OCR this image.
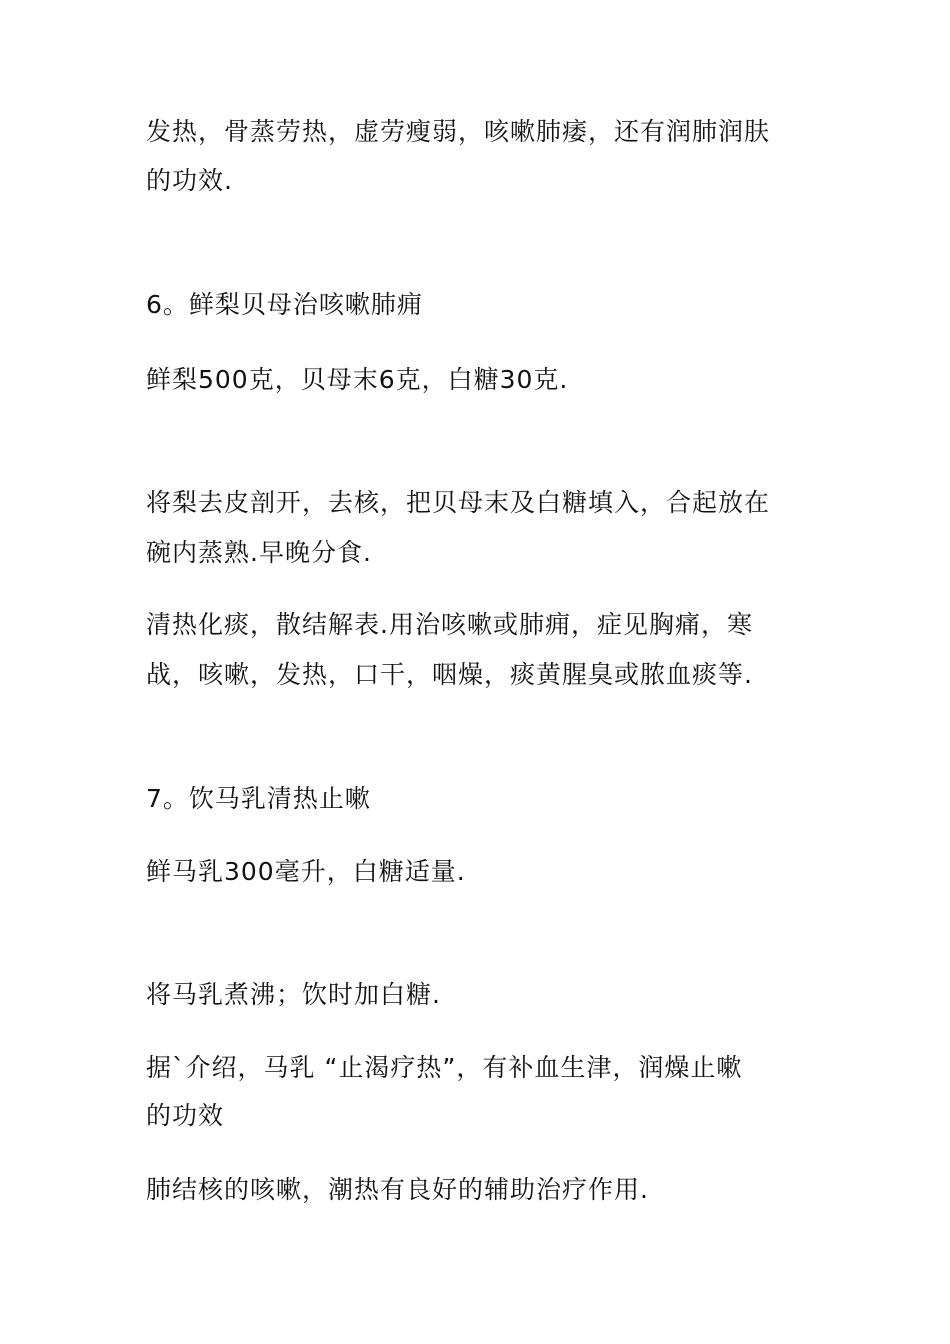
发热，骨蒸劳热，虚劳瘦弱，咳嗽肺痿，还有润肺润肤
的功效.
6。鲜梨贝母治咳嗽肺痈
鲜梨500克，贝母末6克，白糖30克.
将梨去皮剖开，去核，把贝母末及白糖填入，合起放在
碗内蒸熟.早晚分食.
清热化痰，散结解表.用治咳嗽或肺痈，症见胸痛，寒
战，咳嗽，发热，口干，咽燥，痰黄腥臭或脓血痰等.
7。饮马乳清热止嗽
鲜马乳300毫升，白糖适量.
将马乳煮沸；饮时加白糖.
据`介绍，马乳 “止渴疗热”，有补血生津，润燥止嗽
的功效
肺结核的咳嗽，潮热有良好的辅助治疗作用.
